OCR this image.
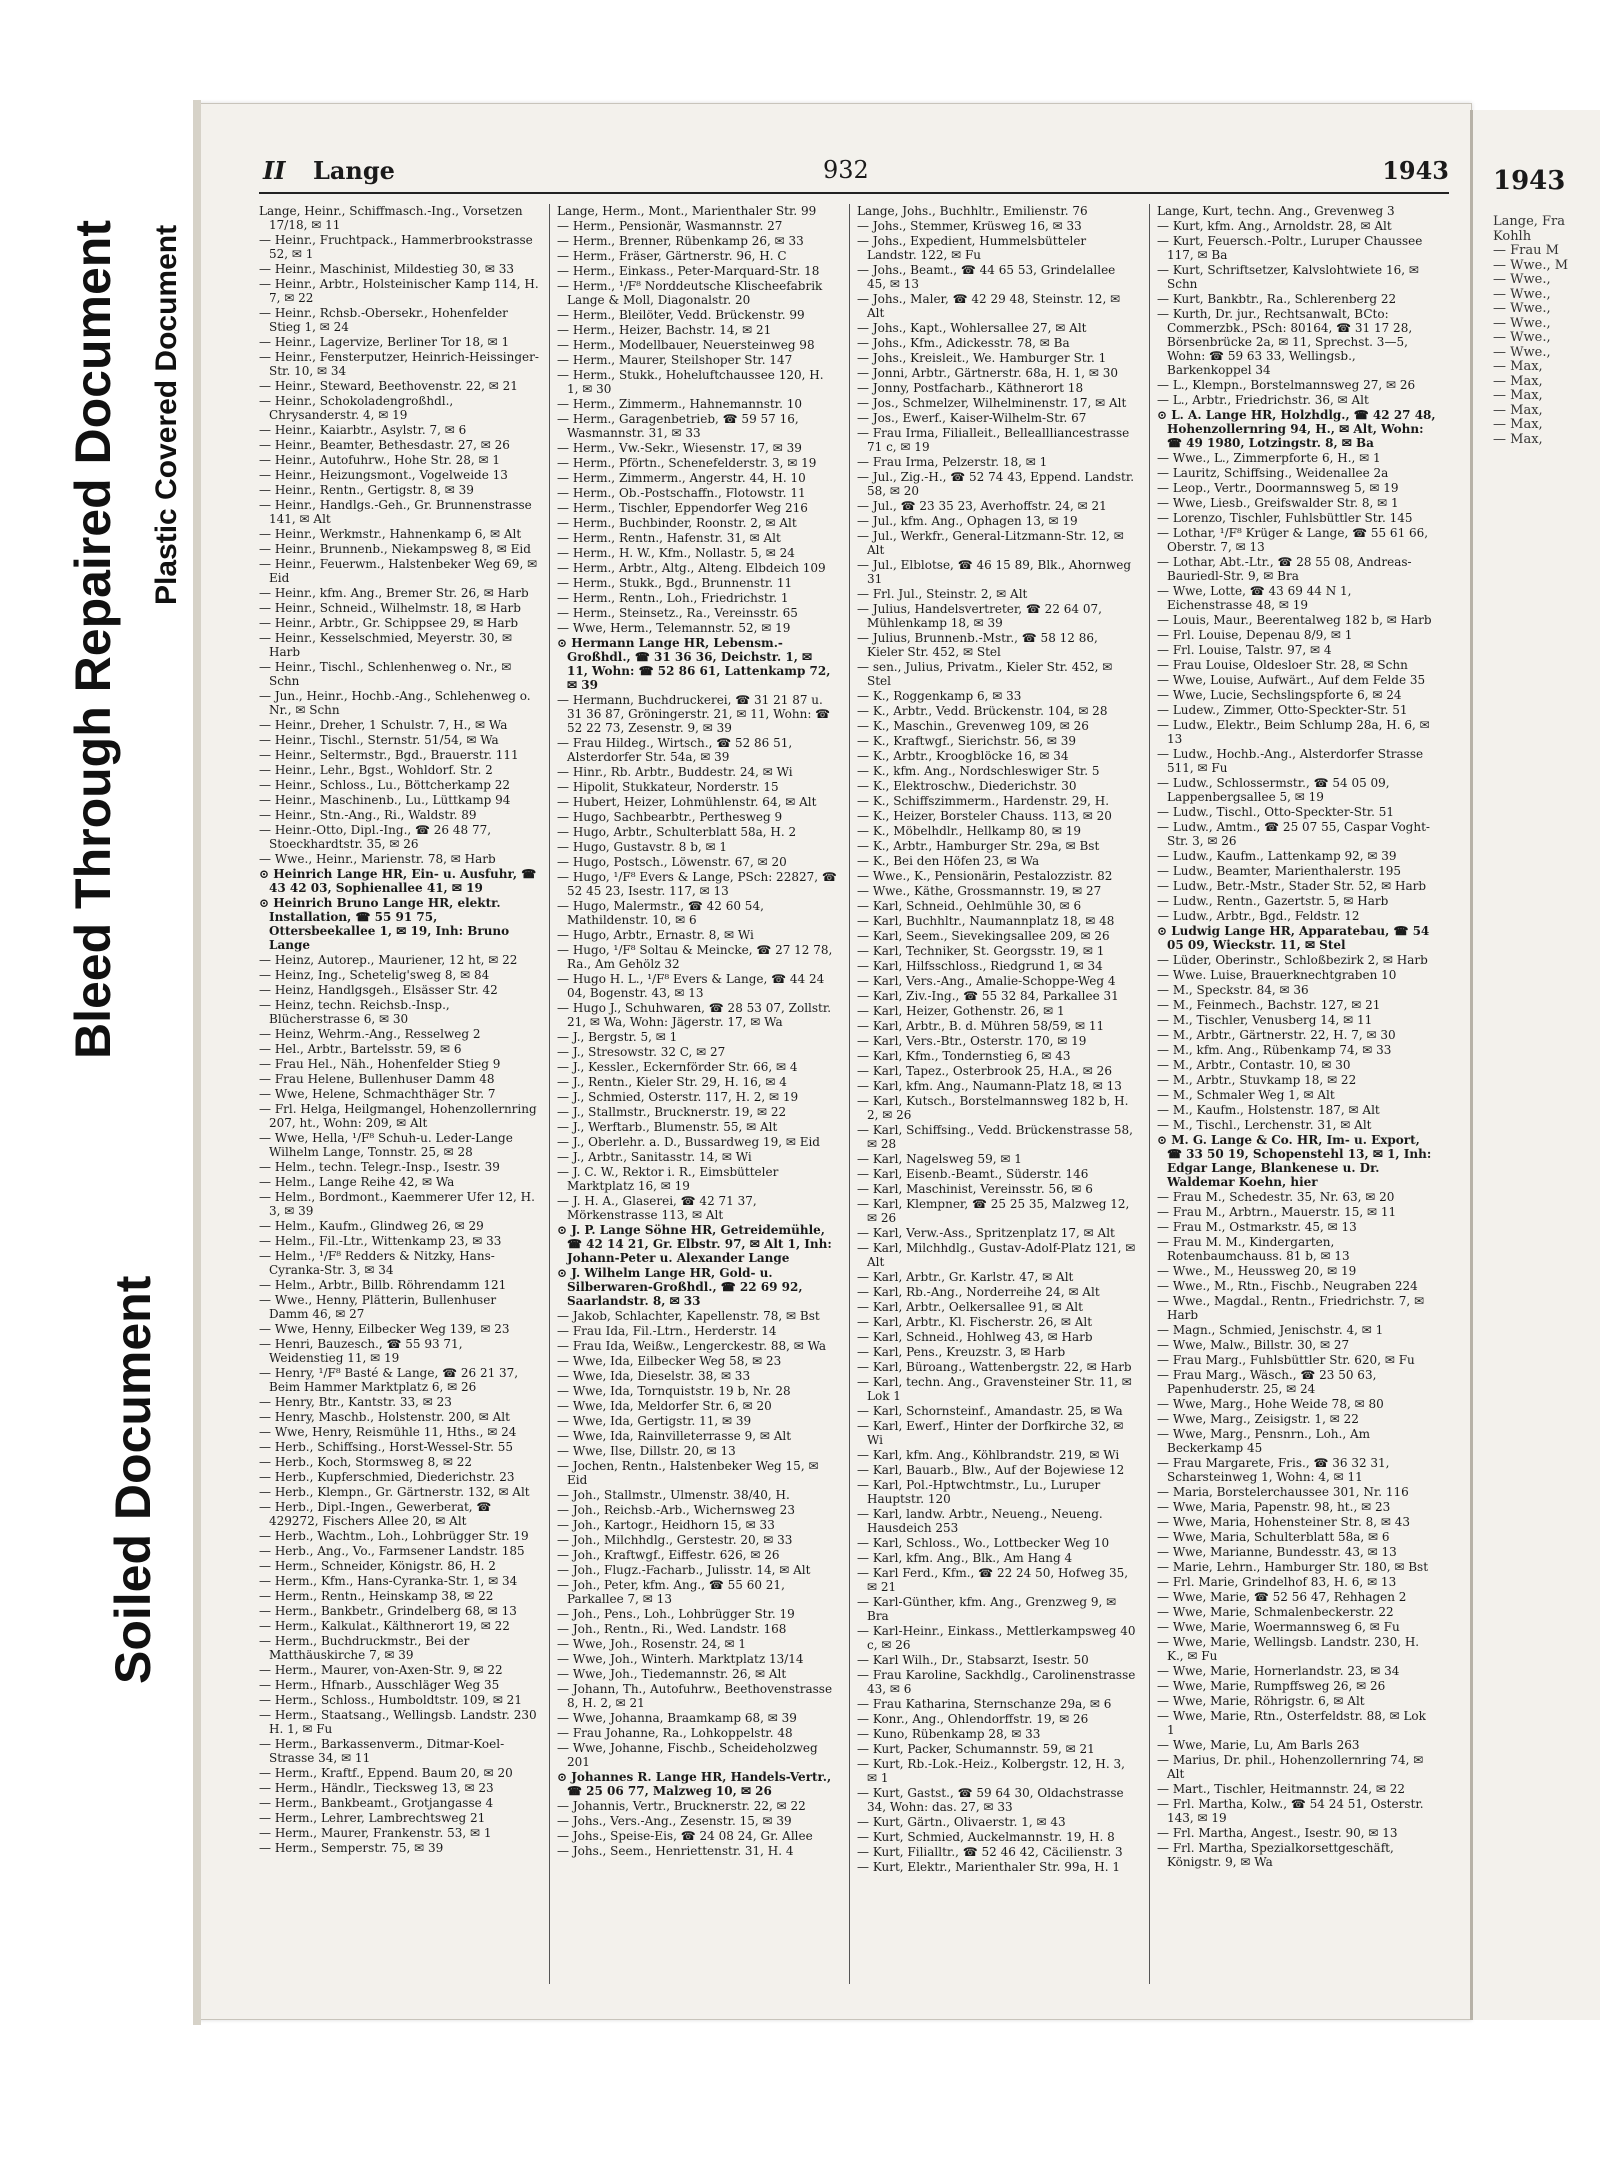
Bleed Through Repaired Document Plastic Covered Document
Soiled Document
II Lange	932	1943
Lange, Heinr., Schiffmasch.-Ing., Vorsetzen 17/18, ✉ 11
— Heinr., Fruchtpack., Hammerbrookstrasse 52, ✉ 1
— Heinr., Maschinist, Mildestieg 30, ✉ 33
— Heinr., Arbtr., Holsteinischer Kamp 114, H. 7, ✉ 22
— Heinr., Rchsb.-Obersekr., Hohenfelder Stieg 1, ✉ 24
— Heinr., Lagervize, Berliner Tor 18, ✉ 1
— Heinr., Fensterputzer, Heinrich-Heissinger-Str. 10, ✉ 34
— Heinr., Steward, Beethovenstr. 22, ✉ 21
— Heinr., Schokoladengroßhdl., Chrysanderstr. 4, ✉ 19
— Heinr., Kaiarbtr., Asylstr. 7, ✉ 6
— Heinr., Beamter, Bethesdastr. 27, ✉ 26
— Heinr., Autofuhrw., Hohe Str. 28, ✉ 1
— Heinr., Heizungsmont., Vogelweide 13
— Heinr., Rentn., Gertigstr. 8, ✉ 39
— Heinr., Handlgs.-Geh., Gr. Brunnenstrasse 141, ✉ Alt
— Heinr., Werkmstr., Hahnenkamp 6, ✉ Alt
— Heinr., Brunnenb., Niekampsweg 8, ✉ Eid
— Heinr., Feuerwm., Halstenbeker Weg 69, ✉ Eid
— Heinr., kfm. Ang., Bremer Str. 26, ✉ Harb
— Heinr., Schneid., Wilhelmstr. 18, ✉ Harb
— Heinr., Arbtr., Gr. Schippsee 29, ✉ Harb
— Heinr., Kesselschmied, Meyerstr. 30, ✉ Harb
— Heinr., Tischl., Schlenhenweg o. Nr., ✉ Schn
— Jun., Heinr., Hochb.-Ang., Schlehenweg o. Nr., ✉ Schn
— Heinr., Dreher, 1 Schulstr. 7, H., ✉ Wa
— Heinr., Tischl., Sternstr. 51/54, ✉ Wa
— Heinr., Seltermstr., Bgd., Brauerstr. 111
— Heinr., Lehr., Bgst., Wohldorf. Str. 2
— Heinr., Schloss., Lu., Böttcherkamp 22
— Heinr., Maschinenb., Lu., Lüttkamp 94
— Heinr., Stn.-Ang., Ri., Waldstr. 89
— Heinr.-Otto, Dipl.-Ing., ☎ 26 48 77, Stoeckhardtstr. 35, ✉ 26
— Wwe., Heinr., Marienstr. 78, ✉ Harb
⊙ Heinrich Lange HR, Ein- u. Ausfuhr, ☎ 43 42 03, Sophienallee 41, ✉ 19
⊙ Heinrich Bruno Lange HR, elektr. Installation, ☎ 55 91 75, Ottersbeekallee 1, ✉ 19, Inh: Bruno Lange
— Heinz, Autorep., Mauriener, 12 ht, ✉ 22
— Heinz, Ing., Schetelig'sweg 8, ✉ 84
— Heinz, Handlgsgeh., Elsässer Str. 42
— Heinz, techn. Reichsb.-Insp., Blücherstrasse 6, ✉ 30
— Heinz, Wehrm.-Ang., Resselweg 2
— Hel., Arbtr., Bartelsstr. 59, ✉ 6
— Frau Hel., Näh., Hohenfelder Stieg 9
— Frau Helene, Bullenhuser Damm 48
— Wwe, Helene, Schmachthäger Str. 7
— Frl. Helga, Heilgmangel, Hohenzollernring 207, ht., Wohn: 209, ✉ Alt
— Wwe, Hella, ¹/F⁸ Schuh-u. Leder-Lange Wilhelm Lange, Tonnstr. 25, ✉ 28
— Helm., techn. Telegr.-Insp., Isestr. 39
— Helm., Lange Reihe 42, ✉ Wa
— Helm., Bordmont., Kaemmerer Ufer 12, H. 3, ✉ 39
— Helm., Kaufm., Glindweg 26, ✉ 29
— Helm., Fil.-Ltr., Wittenkamp 23, ✉ 33
— Helm., ¹/F⁸ Redders & Nitzky, Hans-Cyranka-Str. 3, ✉ 34
— Helm., Arbtr., Billb. Röhrendamm 121
— Wwe., Henny, Plätterin, Bullenhuser Damm 46, ✉ 27
— Wwe, Henny, Eilbecker Weg 139, ✉ 23
— Henri, Bauzesch., ☎ 55 93 71, Weidenstieg 11, ✉ 19
— Henry, ¹/F⁸ Basté & Lange, ☎ 26 21 37, Beim Hammer Marktplatz 6, ✉ 26
— Henry, Btr., Kantstr. 33, ✉ 23
— Henry, Maschb., Holstenstr. 200, ✉ Alt
— Wwe, Henry, Reismühle 11, Hths., ✉ 24
— Herb., Schiffsing., Horst-Wessel-Str. 55
— Herb., Koch, Stormsweg 8, ✉ 22
— Herb., Kupferschmied, Diederichstr. 23
— Herb., Klempn., Gr. Gärtnerstr. 132, ✉ Alt
— Herb., Dipl.-Ingen., Gewerberat, ☎ 429272, Fischers Allee 20, ✉ Alt
— Herb., Wachtm., Loh., Lohbrügger Str. 19
— Herb., Ang., Vo., Farmsener Landstr. 185
— Herm., Schneider, Königstr. 86, H. 2
— Herm., Kfm., Hans-Cyranka-Str. 1, ✉ 34
— Herm., Rentn., Heinskamp 38, ✉ 22
— Herm., Bankbetr., Grindelberg 68, ✉ 13
— Herm., Kalkulat., Kälthnerort 19, ✉ 22
— Herm., Buchdruckmstr., Bei der Matthäuskirche 7, ✉ 39
— Herm., Maurer, von-Axen-Str. 9, ✉ 22
— Herm., Hfnarb., Ausschläger Weg 35
— Herm., Schloss., Humboldtstr. 109, ✉ 21
— Herm., Staatsang., Wellingsb. Landstr. 230 H. 1, ✉ Fu
— Herm., Barkassenverm., Ditmar-Koel-Strasse 34, ✉ 11
— Herm., Kraftf., Eppend. Baum 20, ✉ 20
— Herm., Händlr., Tiecksweg 13, ✉ 23
— Herm., Bankbeamt., Grotjangasse 4
— Herm., Lehrer, Lambrechtsweg 21
— Herm., Maurer, Frankenstr. 53, ✉ 1
— Herm., Semperstr. 75, ✉ 39
Lange, Herm., Mont., Marienthaler Str. 99
— Herm., Pensionär, Wasmannstr. 27
— Herm., Brenner, Rübenkamp 26, ✉ 33
— Herm., Fräser, Gärtnerstr. 96, H. C
— Herm., Einkass., Peter-Marquard-Str. 18
— Herm., ¹/F⁸ Norddeutsche Klischeefabrik Lange & Moll, Diagonalstr. 20
— Herm., Bleilöter, Vedd. Brückenstr. 99
— Herm., Heizer, Bachstr. 14, ✉ 21
— Herm., Modellbauer, Neuersteinweg 98
— Herm., Maurer, Steilshoper Str. 147
— Herm., Stukk., Hoheluftchaussee 120, H. 1, ✉ 30
— Herm., Zimmerm., Hahnemannstr. 10
— Herm., Garagenbetrieb, ☎ 59 57 16, Wasmannstr. 31, ✉ 33
— Herm., Vw.-Sekr., Wiesenstr. 17, ✉ 39
— Herm., Pförtn., Schenefelderstr. 3, ✉ 19
— Herm., Zimmerm., Angerstr. 44, H. 10
— Herm., Ob.-Postschaffn., Flotowstr. 11
— Herm., Tischler, Eppendorfer Weg 216
— Herm., Buchbinder, Roonstr. 2, ✉ Alt
— Herm., Rentn., Hafenstr. 31, ✉ Alt
— Herm., H. W., Kfm., Nollastr. 5, ✉ 24
— Herm., Arbtr., Altg., Alteng. Elbdeich 109
— Herm., Stukk., Bgd., Brunnenstr. 11
— Herm., Rentn., Loh., Friedrichstr. 1
— Herm., Steinsetz., Ra., Vereinsstr. 65
— Wwe, Herm., Telemannstr. 52, ✉ 19
⊙ Hermann Lange HR, Lebensm.-Großhdl., ☎ 31 36 36, Deichstr. 1, ✉ 11, Wohn: ☎ 52 86 61, Lattenkamp 72, ✉ 39
— Hermann, Buchdruckerei, ☎ 31 21 87 u. 31 36 87, Gröningerstr. 21, ✉ 11, Wohn: ☎ 52 22 73, Zesenstr. 9, ✉ 39
— Frau Hildeg., Wirtsch., ☎ 52 86 51, Alsterdorfer Str. 54a, ✉ 39
— Hinr., Rb. Arbtr., Buddestr. 24, ✉ Wi
— Hipolit, Stukkateur, Norderstr. 15
— Hubert, Heizer, Lohmühlenstr. 64, ✉ Alt
— Hugo, Sachbearbtr., Perthesweg 9
— Hugo, Arbtr., Schulterblatt 58a, H. 2
— Hugo, Gustavstr. 8 b, ✉ 1
— Hugo, Postsch., Löwenstr. 67, ✉ 20
— Hugo, ¹/F⁸ Evers & Lange, PSch: 22827, ☎ 52 45 23, Isestr. 117, ✉ 13
— Hugo, Malermstr., ☎ 42 60 54, Mathildenstr. 10, ✉ 6
— Hugo, Arbtr., Ernastr. 8, ✉ Wi
— Hugo, ¹/F⁸ Soltau & Meincke, ☎ 27 12 78, Ra., Am Gehölz 32
— Hugo H. L., ¹/F⁸ Evers & Lange, ☎ 44 24 04, Bogenstr. 43, ✉ 13
— Hugo J., Schuhwaren, ☎ 28 53 07, Zollstr. 21, ✉ Wa, Wohn: Jägerstr. 17, ✉ Wa
— J., Bergstr. 5, ✉ 1
— J., Stresowstr. 32 C, ✉ 27
— J., Kessler., Eckernförder Str. 66, ✉ 4
— J., Rentn., Kieler Str. 29, H. 16, ✉ 4
— J., Schmied, Osterstr. 117, H. 2, ✉ 19
— J., Stallmstr., Brucknerstr. 19, ✉ 22
— J., Werftarb., Blumenstr. 55, ✉ Alt
— J., Oberlehr. a. D., Bussardweg 19, ✉ Eid
— J., Arbtr., Sanitasstr. 14, ✉ Wi
— J. C. W., Rektor i. R., Eimsbütteler Marktplatz 16, ✉ 19
— J. H. A., Glaserei, ☎ 42 71 37, Mörkenstrasse 113, ✉ Alt
⊙ J. P. Lange Söhne HR, Getreidemühle, ☎ 42 14 21, Gr. Elbstr. 97, ✉ Alt 1, Inh: Johann-Peter u. Alexander Lange
⊙ J. Wilhelm Lange HR, Gold- u. Silberwaren-Großhdl., ☎ 22 69 92, Saarlandstr. 8, ✉ 33
— Jakob, Schlachter, Kapellenstr. 78, ✉ Bst
— Frau Ida, Fil.-Ltrn., Herderstr. 14
— Frau Ida, Weißw., Lengerckestr. 88, ✉ Wa
— Wwe, Ida, Eilbecker Weg 58, ✉ 23
— Wwe, Ida, Dieselstr. 38, ✉ 33
— Wwe, Ida, Tornquiststr. 19 b, Nr. 28
— Wwe, Ida, Meldorfer Str. 6, ✉ 20
— Wwe, Ida, Gertigstr. 11, ✉ 39
— Wwe, Ida, Rainvilleterrasse 9, ✉ Alt
— Wwe, Ilse, Dillstr. 20, ✉ 13
— Jochen, Rentn., Halstenbeker Weg 15, ✉ Eid
— Joh., Stallmstr., Ulmenstr. 38/40, H.
— Joh., Reichsb.-Arb., Wichernsweg 23
— Joh., Kartogr., Heidhorn 15, ✉ 33
— Joh., Milchhdlg., Gerstestr. 20, ✉ 33
— Joh., Kraftwgf., Eiffestr. 626, ✉ 26
— Joh., Flugz.-Facharb., Julisstr. 14, ✉ Alt
— Joh., Peter, kfm. Ang., ☎ 55 60 21, Parkallee 7, ✉ 13
— Joh., Pens., Loh., Lohbrügger Str. 19
— Joh., Rentn., Ri., Wed. Landstr. 168
— Wwe, Joh., Rosenstr. 24, ✉ 1
— Wwe, Joh., Winterh. Marktplatz 13/14
— Wwe, Joh., Tiedemannstr. 26, ✉ Alt
— Johann, Th., Autofuhrw., Beethovenstrasse 8, H. 2, ✉ 21
— Wwe, Johanna, Braamkamp 68, ✉ 39
— Frau Johanne, Ra., Lohkoppelstr. 48
— Wwe, Johanne, Fischb., Scheideholzweg 201
⊙ Johannes R. Lange HR, Handels-Vertr., ☎ 25 06 77, Malzweg 10, ✉ 26
— Johannis, Vertr., Brucknerstr. 22, ✉ 22
— Johs., Vers.-Ang., Zesenstr. 15, ✉ 39
— Johs., Speise-Eis, ☎ 24 08 24, Gr. Allee
— Johs., Seem., Henriettenstr. 31, H. 4
Lange, Johs., Buchhltr., Emilienstr. 76
— Johs., Stemmer, Krüsweg 16, ✉ 33
— Johs., Expedient, Hummelsbütteler Landstr. 122, ✉ Fu
— Johs., Beamt., ☎ 44 65 53, Grindelallee 45, ✉ 13
— Johs., Maler, ☎ 42 29 48, Steinstr. 12, ✉ Alt
— Johs., Kapt., Wohlersallee 27, ✉ Alt
— Johs., Kfm., Adickesstr. 78, ✉ Ba
— Johs., Kreisleit., We. Hamburger Str. 1
— Jonni, Arbtr., Gärtnerstr. 68a, H. 1, ✉ 30
— Jonny, Postfacharb., Käthnerort 18
— Jos., Schmelzer, Wilhelminenstr. 17, ✉ Alt
— Jos., Ewerf., Kaiser-Wilhelm-Str. 67
— Frau Irma, Filialleit., Belleallliancestrasse 71 c, ✉ 19
— Frau Irma, Pelzerstr. 18, ✉ 1
— Jul., Zig.-H., ☎ 52 74 43, Eppend. Landstr. 58, ✉ 20
— Jul., ☎ 23 35 23, Averhoffstr. 24, ✉ 21
— Jul., kfm. Ang., Ophagen 13, ✉ 19
— Jul., Werkfr., General-Litzmann-Str. 12, ✉ Alt
— Jul., Elblotse, ☎ 46 15 89, Blk., Ahornweg 31
— Frl. Jul., Steinstr. 2, ✉ Alt
— Julius, Handelsvertreter, ☎ 22 64 07, Mühlenkamp 18, ✉ 39
— Julius, Brunnenb.-Mstr., ☎ 58 12 86, Kieler Str. 452, ✉ Stel
— sen., Julius, Privatm., Kieler Str. 452, ✉ Stel
— K., Roggenkamp 6, ✉ 33
— K., Arbtr., Vedd. Brückenstr. 104, ✉ 28
— K., Maschin., Grevenweg 109, ✉ 26
— K., Kraftwgf., Sierichstr. 56, ✉ 39
— K., Arbtr., Kroogblöcke 16, ✉ 34
— K., kfm. Ang., Nordschleswiger Str. 5
— K., Elektroschw., Diederichstr. 30
— K., Schiffszimmerm., Hardenstr. 29, H.
— K., Heizer, Borsteler Chauss. 113, ✉ 20
— K., Möbelhdlr., Hellkamp 80, ✉ 19
— K., Arbtr., Hamburger Str. 29a, ✉ Bst
— K., Bei den Höfen 23, ✉ Wa
— Wwe., K., Pensionärin, Pestalozzistr. 82
— Wwe., Käthe, Grossmannstr. 19, ✉ 27
— Karl, Schneid., Oehlmühle 30, ✉ 6
— Karl, Buchhltr., Naumannplatz 18, ✉ 48
— Karl, Seem., Sievekingsallee 209, ✉ 26
— Karl, Techniker, St. Georgsstr. 19, ✉ 1
— Karl, Hilfsschloss., Riedgrund 1, ✉ 34
— Karl, Vers.-Ang., Amalie-Schoppe-Weg 4
— Karl, Ziv.-Ing., ☎ 55 32 84, Parkallee 31
— Karl, Heizer, Gothenstr. 26, ✉ 1
— Karl, Arbtr., B. d. Mühren 58/59, ✉ 11
— Karl, Vers.-Btr., Osterstr. 170, ✉ 19
— Karl, Kfm., Tondernstieg 6, ✉ 43
— Karl, Tapez., Osterbrook 25, H.A., ✉ 26
— Karl, kfm. Ang., Naumann-Platz 18, ✉ 13
— Karl, Kutsch., Borstelmannsweg 182 b, H. 2, ✉ 26
— Karl, Schiffsing., Vedd. Brückenstrasse 58, ✉ 28
— Karl, Nagelsweg 59, ✉ 1
— Karl, Eisenb.-Beamt., Süderstr. 146
— Karl, Maschinist, Vereinsstr. 56, ✉ 6
— Karl, Klempner, ☎ 25 25 35, Malzweg 12, ✉ 26
— Karl, Verw.-Ass., Spritzenplatz 17, ✉ Alt
— Karl, Milchhdlg., Gustav-Adolf-Platz 121, ✉ Alt
— Karl, Arbtr., Gr. Karlstr. 47, ✉ Alt
— Karl, Rb.-Ang., Norderreihe 24, ✉ Alt
— Karl, Arbtr., Oelkersallee 91, ✉ Alt
— Karl, Arbtr., Kl. Fischerstr. 26, ✉ Alt
— Karl, Schneid., Hohlweg 43, ✉ Harb
— Karl, Pens., Kreuzstr. 3, ✉ Harb
— Karl, Büroang., Wattenbergstr. 22, ✉ Harb
— Karl, techn. Ang., Gravensteiner Str. 11, ✉ Lok 1
— Karl, Schornsteinf., Amandastr. 25, ✉ Wa
— Karl, Ewerf., Hinter der Dorfkirche 32, ✉ Wi
— Karl, kfm. Ang., Köhlbrandstr. 219, ✉ Wi
— Karl, Bauarb., Blw., Auf der Bojewiese 12
— Karl, Pol.-Hptwchtmstr., Lu., Luruper Hauptstr. 120
— Karl, landw. Arbtr., Neueng., Neueng. Hausdeich 253
— Karl, Schloss., Wo., Lottbecker Weg 10
— Karl, kfm. Ang., Blk., Am Hang 4
— Karl Ferd., Kfm., ☎ 22 24 50, Hofweg 35, ✉ 21
— Karl-Günther, kfm. Ang., Grenzweg 9, ✉ Bra
— Karl-Heinr., Einkass., Mettlerkampsweg 40 c, ✉ 26
— Karl Wilh., Dr., Stabsarzt, Isestr. 50
— Frau Karoline, Sackhdlg., Carolinenstrasse 43, ✉ 6
— Frau Katharina, Sternschanze 29a, ✉ 6
— Konr., Ang., Ohlendorffstr. 19, ✉ 26
— Kuno, Rübenkamp 28, ✉ 33
— Kurt, Packer, Schumannstr. 59, ✉ 21
— Kurt, Rb.-Lok.-Heiz., Kolbergstr. 12, H. 3, ✉ 1
— Kurt, Gastst., ☎ 59 64 30, Oldachstrasse 34, Wohn: das. 27, ✉ 33
— Kurt, Gärtn., Olivaerstr. 1, ✉ 43
— Kurt, Schmied, Auckelmannstr. 19, H. 8
— Kurt, Filialltr., ☎ 52 46 42, Cäcilienstr. 3
— Kurt, Elektr., Marienthaler Str. 99a, H. 1
Lange, Kurt, techn. Ang., Grevenweg 3
— Kurt, kfm. Ang., Arnoldstr. 28, ✉ Alt
— Kurt, Feuersch.-Poltr., Luruper Chaussee 117, ✉ Ba
— Kurt, Schriftsetzer, Kalvslohtwiete 16, ✉ Schn
— Kurt, Bankbtr., Ra., Schlerenberg 22
— Kurth, Dr. jur., Rechtsanwalt, BCto: Commerzbk., PSch: 80164, ☎ 31 17 28, Börsenbrücke 2a, ✉ 11, Sprechst. 3—5, Wohn: ☎ 59 63 33, Wellingsb., Barkenkoppel 34
— L., Klempn., Borstelmannsweg 27, ✉ 26
— L., Arbtr., Friedrichstr. 36, ✉ Alt
⊙ L. A. Lange HR, Holzhdlg., ☎ 42 27 48, Hohenzollernring 94, H., ✉ Alt, Wohn: ☎ 49 1980, Lotzingstr. 8, ✉ Ba
— Wwe., L., Zimmerpforte 6, H., ✉ 1
— Lauritz, Schiffsing., Weidenallee 2a
— Leop., Vertr., Doormannsweg 5, ✉ 19
— Wwe, Liesb., Greifswalder Str. 8, ✉ 1
— Lorenzo, Tischler, Fuhlsbüttler Str. 145
— Lothar, ¹/F⁸ Krüger & Lange, ☎ 55 61 66, Oberstr. 7, ✉ 13
— Lothar, Abt.-Ltr., ☎ 28 55 08, Andreas-Bauriedl-Str. 9, ✉ Bra
— Wwe, Lotte, ☎ 43 69 44 N 1, Eichenstrasse 48, ✉ 19
— Louis, Maur., Beerentalweg 182 b, ✉ Harb
— Frl. Louise, Depenau 8/9, ✉ 1
— Frl. Louise, Talstr. 97, ✉ 4
— Frau Louise, Oldesloer Str. 28, ✉ Schn
— Wwe, Louise, Aufwärt., Auf dem Felde 35
— Wwe, Lucie, Sechslingspforte 6, ✉ 24
— Ludew., Zimmer, Otto-Speckter-Str. 51
— Ludw., Elektr., Beim Schlump 28a, H. 6, ✉ 13
— Ludw., Hochb.-Ang., Alsterdorfer Strasse 511, ✉ Fu
— Ludw., Schlossermstr., ☎ 54 05 09, Lappenbergsallee 5, ✉ 19
— Ludw., Tischl., Otto-Speckter-Str. 51
— Ludw., Amtm., ☎ 25 07 55, Caspar Voght-Str. 3, ✉ 26
— Ludw., Kaufm., Lattenkamp 92, ✉ 39
— Ludw., Beamter, Marienthalerstr. 195
— Ludw., Betr.-Mstr., Stader Str. 52, ✉ Harb
— Ludw., Rentn., Gazertstr. 5, ✉ Harb
— Ludw., Arbtr., Bgd., Feldstr. 12
⊙ Ludwig Lange HR, Apparatebau, ☎ 54 05 09, Wieckstr. 11, ✉ Stel
— Lüder, Oberinstr., Schloßbezirk 2, ✉ Harb
— Wwe. Luise, Brauerknechtgraben 10
— M., Speckstr. 84, ✉ 36
— M., Feinmech., Bachstr. 127, ✉ 21
— M., Tischler, Venusberg 14, ✉ 11
— M., Arbtr., Gärtnerstr. 22, H. 7, ✉ 30
— M., kfm. Ang., Rübenkamp 74, ✉ 33
— M., Arbtr., Contastr. 10, ✉ 30
— M., Arbtr., Stuvkamp 18, ✉ 22
— M., Schmaler Weg 1, ✉ Alt
— M., Kaufm., Holstenstr. 187, ✉ Alt
— M., Tischl., Lerchenstr. 31, ✉ Alt
⊙ M. G. Lange & Co. HR, Im- u. Export, ☎ 33 50 19, Schopenstehl 13, ✉ 1, Inh: Edgar Lange, Blankenese u. Dr. Waldemar Koehn, hier
— Frau M., Schedestr. 35, Nr. 63, ✉ 20
— Frau M., Arbtrn., Mauerstr. 15, ✉ 11
— Frau M., Ostmarkstr. 45, ✉ 13
— Frau M. M., Kindergarten, Rotenbaumchauss. 81 b, ✉ 13
— Wwe., M., Heussweg 20, ✉ 19
— Wwe., M., Rtn., Fischb., Neugraben 224
— Wwe., Magdal., Rentn., Friedrichstr. 7, ✉ Harb
— Magn., Schmied, Jenischstr. 4, ✉ 1
— Wwe, Malw., Billstr. 30, ✉ 27
— Frau Marg., Fuhlsbüttler Str. 620, ✉ Fu
— Frau Marg., Wäsch., ☎ 23 50 63, Papenhuderstr. 25, ✉ 24
— Wwe, Marg., Hohe Weide 78, ✉ 80
— Wwe, Marg., Zeisigstr. 1, ✉ 22
— Wwe, Marg., Pensnrn., Loh., Am Beckerkamp 45
— Frau Margarete, Fris., ☎ 36 32 31, Scharsteinweg 1, Wohn: 4, ✉ 11
— Maria, Borstelerchaussee 301, Nr. 116
— Wwe, Maria, Papenstr. 98, ht., ✉ 23
— Wwe, Maria, Hohensteiner Str. 8, ✉ 43
— Wwe, Maria, Schulterblatt 58a, ✉ 6
— Wwe, Marianne, Bundesstr. 43, ✉ 13
— Marie, Lehrn., Hamburger Str. 180, ✉ Bst
— Frl. Marie, Grindelhof 83, H. 6, ✉ 13
— Wwe, Marie, ☎ 52 56 47, Rehhagen 2
— Wwe, Marie, Schmalenbeckerstr. 22
— Wwe, Marie, Woermannsweg 6, ✉ Fu
— Wwe, Marie, Wellingsb. Landstr. 230, H. K., ✉ Fu
— Wwe, Marie, Hornerlandstr. 23, ✉ 34
— Wwe, Marie, Rumpffsweg 26, ✉ 26
— Wwe, Marie, Röhrigstr. 6, ✉ Alt
— Wwe, Marie, Rtn., Osterfeldstr. 88, ✉ Lok 1
— Wwe, Marie, Lu, Am Barls 263
— Marius, Dr. phil., Hohenzollernring 74, ✉ Alt
— Mart., Tischler, Heitmannstr. 24, ✉ 22
— Frl. Martha, Kolw., ☎ 54 24 51, Osterstr. 143, ✉ 19
— Frl. Martha, Angest., Isestr. 90, ✉ 13
— Frl. Martha, Spezialkorsettgeschäft, Königstr. 9, ✉ Wa
1943
Lange, Fra
Kohlh
— Frau M
— Wwe., M
— Wwe.,
— Wwe.,
— Wwe.,
— Wwe.,
— Wwe.,
— Wwe.,
— Max,
— Max,
— Max,
— Max,
— Max,
— Max,
